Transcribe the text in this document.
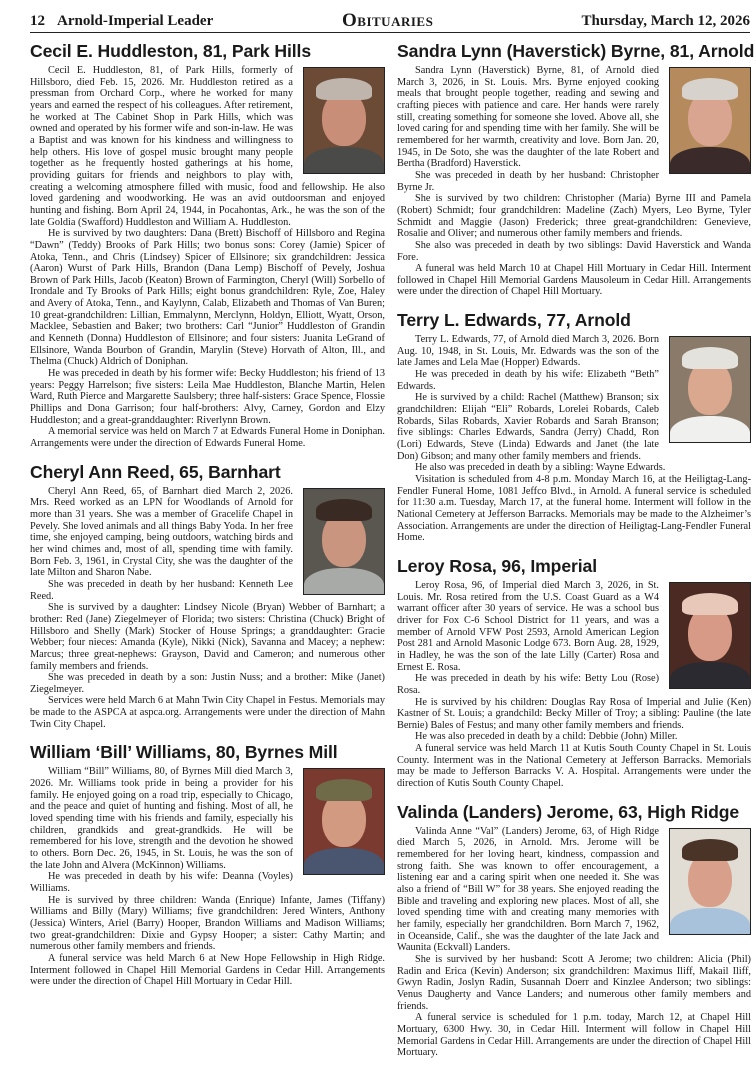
12 Arnold-Imperial Leader	Obituaries	Thursday, March 12, 2026
Cecil E. Huddleston, 81, Park Hills

Cecil E. Huddleston, 81, of Park Hills, formerly of Hillsboro, died Feb. 15, 2026. Mr. Huddleston retired as a pressman from Orchard Corp., where he worked for many years and earned the respect of his colleagues. After retirement, he worked at The Cabinet Shop in Park Hills, which was owned and operated by his former wife and son-in-law. He was a Baptist and was known for his kindness and willingness to help others. His love of gospel music brought many people together as he frequently hosted gatherings at his home, providing guitars for friends and neighbors to play with, creating a welcoming atmosphere filled with music, food and fellowship. He also loved gardening and woodworking. He was an avid outdoorsman and enjoyed hunting and fishing. Born April 24, 1944, in Pocahontas, Ark., he was the son of the late Goldia (Swafford) Huddleston and William A. Huddleston.

He is survived by two daughters: Dana (Brett) Bischoff of Hillsboro and Regina “Dawn” (Teddy) Brooks of Park Hills; two bonus sons: Corey (Jamie) Spicer of Atoka, Tenn., and Chris (Lindsey) Spicer of Ellsinore; six grandchildren: Jessica (Aaron) Wurst of Park Hills, Brandon (Dana Lemp) Bischoff of Pevely, Joshua Brown of Park Hills, Jacob (Keaton) Brown of Farmington, Cheryl (Will) Sorbello of Irondale and Ty Brooks of Park Hills; eight bonus grandchildren: Ryle, Zoe, Haley and Avery of Atoka, Tenn., and Kaylynn, Calab, Elizabeth and Thomas of Van Buren; 10 great-grandchildren: Lillian, Emmalynn, Merclynn, Holdyn, Elliott, Wyatt, Orson, Macklee, Sebastien and Baker; two brothers: Carl “Junior” Huddleston of Grandin and Kenneth (Donna) Huddleston of Ellsinore; and four sisters: Juanita LeGrand of Ellsinore, Wanda Bourbon of Grandin, Marylin (Steve) Horvath of Alton, Ill., and Thelma (Chuck) Aldrich of Doniphan.

He was preceded in death by his former wife: Becky Huddleston; his friend of 13 years: Peggy Harrelson; five sisters: Leila Mae Huddleston, Blanche Martin, Helen Ward, Ruth Pierce and Margarette Saulsbery; three half-sisters: Grace Spence, Flossie Phillips and Dona Garrison; four half-brothers: Alvy, Carney, Gordon and Elzy Huddleston; and a great-granddaughter: Riverlynn Brown.

A memorial service was held on March 7 at Edwards Funeral Home in Doniphan. Arrangements were under the direction of Edwards Funeral Home.

Cheryl Ann Reed, 65, Barnhart

Cheryl Ann Reed, 65, of Barnhart died March 2, 2026. Mrs. Reed worked as an LPN for Woodlands of Arnold for more than 31 years. She was a member of Gracelife Chapel in Pevely. She loved animals and all things Baby Yoda. In her free time, she enjoyed camping, being outdoors, watching birds and her wind chimes and, most of all, spending time with family. Born Feb. 3, 1961, in Crystal City, she was the daughter of the late Milton and Sharon Nabe.

She was preceded in death by her husband: Kenneth Lee Reed.

She is survived by a daughter: Lindsey Nicole (Bryan) Webber of Barnhart; a brother: Red (Jane) Ziegelmeyer of Florida; two sisters: Christina (Chuck) Bright of Hillsboro and Shelly (Mark) Stocker of House Springs; a granddaughter: Gracie Webber; four nieces: Amanda (Kyle), Nikki (Nick), Savanna and Macey; a nephew: Marcus; three great-nephews: Grayson, David and Cameron; and numerous other family members and friends.

She was preceded in death by a son: Justin Nuss; and a brother: Mike (Janet) Ziegelmeyer.

Services were held March 6 at Mahn Twin City Chapel in Festus. Memorials may be made to the ASPCA at aspca.org. Arrangements were under the direction of Mahn Twin City Chapel.

William ‘Bill’ Williams, 80, Byrnes Mill

William “Bill” Williams, 80, of Byrnes Mill died March 3, 2026. Mr. Williams took pride in being a provider for his family. He enjoyed going on a road trip, especially to Chicago, and the peace and quiet of hunting and fishing. Most of all, he loved spending time with his friends and family, especially his children, grandkids and great-grandkids. He will be remembered for his love, strength and the devotion he showed to others. Born Dec. 26, 1945, in St. Louis, he was the son of the late John and Alvera (McKinnon) Williams.

He was preceded in death by his wife: Deanna (Voyles) Williams.

He is survived by three children: Wanda (Enrique) Infante, James (Tiffany) Williams and Billy (Mary) Williams; five grandchildren: Jered Winters, Anthony (Jessica) Winters, Ariel (Barry) Hooper, Brandon Williams and Madison Williams; two great-grandchildren: Dixie and Gypsy Hooper; a sister: Cathy Martin; and numerous other family members and friends.

A funeral service was held March 6 at New Hope Fellowship in High Ridge. Interment followed in Chapel Hill Memorial Gardens in Cedar Hill. Arrangements were under the direction of Chapel Hill Mortuary in Cedar Hill.

Sandra Lynn (Haverstick) Byrne, 81, Arnold

Sandra Lynn (Haverstick) Byrne, 81, of Arnold died March 3, 2026, in St. Louis. Mrs. Byrne enjoyed cooking meals that brought people together, reading and sewing and crafting pieces with patience and care. Her hands were rarely still, creating something for someone she loved. Above all, she loved caring for and spending time with her family. She will be remembered for her warmth, creativity and love. Born Jan. 20, 1945, in De Soto, she was the daughter of the late Robert and Bertha (Bradford) Haverstick.

She was preceded in death by her husband: Christopher Byrne Jr.

She is survived by two children: Christopher (Maria) Byrne III and Pamela (Robert) Schmidt; four grandchildren: Madeline (Zach) Myers, Leo Byrne, Tyler Schmidt and Maggie (Jason) Frederick; three great-grandchildren: Genevieve, Rosalie and Oliver; and numerous other family members and friends.

She also was preceded in death by two siblings: David Haverstick and Wanda Fore.

A funeral was held March 10 at Chapel Hill Mortuary in Cedar Hill. Interment followed in Chapel Hill Memorial Gardens Mausoleum in Cedar Hill. Arrangements were under the direction of Chapel Hill Mortuary.

Terry L. Edwards, 77, Arnold

Terry L. Edwards, 77, of Arnold died March 3, 2026. Born Aug. 10, 1948, in St. Louis, Mr. Edwards was the son of the late James and Lela Mae (Hopper) Edwards.

He was preceded in death by his wife: Elizabeth “Beth” Edwards.

He is survived by a child: Rachel (Matthew) Branson; six grandchildren: Elijah “Eli” Robards, Lorelei Robards, Caleb Robards, Silas Robards, Xavier Robards and Sarah Branson; five siblings: Charles Edwards, Sandra (Jerry) Chadd, Ron (Lori) Edwards, Steve (Linda) Edwards and Janet (the late Don) Gibson; and many other family members and friends.

He also was preceded in death by a sibling: Wayne Edwards.

Visitation is scheduled from 4-8 p.m. Monday March 16, at the Heiligtag-Lang-Fendler Funeral Home, 1081 Jeffco Blvd., in Arnold. A funeral service is scheduled for 11:30 a.m. Tuesday, March 17, at the funeral home. Interment will follow in the National Cemetery at Jefferson Barracks. Memorials may be made to the Alzheimer’s Association. Arrangements are under the direction of Heiligtag-Lang-Fendler Funeral Home.

Leroy Rosa, 96, Imperial

Leroy Rosa, 96, of Imperial died March 3, 2026, in St. Louis. Mr. Rosa retired from the U.S. Coast Guard as a W4 warrant officer after 30 years of service. He was a school bus driver for Fox C-6 School District for 11 years, and was a member of Arnold VFW Post 2593, Arnold American Legion Post 281 and Arnold Masonic Lodge 673. Born Aug. 28, 1929, in Hadley, he was the son of the late Lilly (Carter) Rosa and Ernest E. Rosa.

He was preceded in death by his wife: Betty Lou (Rose) Rosa.

He is survived by his children: Douglas Ray Rosa of Imperial and Julie (Ken) Kastner of St. Louis; a grandchild: Becky Miller of Troy; a sibling: Pauline (the late Bernie) Bales of Festus; and many other family members and friends.

He was also preceded in death by a child: Debbie (John) Miller.

A funeral service was held March 11 at Kutis South County Chapel in St. Louis County. Interment was in the National Cemetery at Jefferson Barracks. Memorials may be made to Jefferson Barracks V. A. Hospital. Arrangements were under the direction of Kutis South County Chapel.

Valinda (Landers) Jerome, 63, High Ridge

Valinda Anne “Val” (Landers) Jerome, 63, of High Ridge died March 5, 2026, in Arnold. Mrs. Jerome will be remembered for her loving heart, kindness, compassion and strong faith. She was known to offer encouragement, a listening ear and a caring spirit when one needed it. She was also a friend of “Bill W” for 38 years. She enjoyed reading the Bible and traveling and exploring new places. Most of all, she loved spending time with and creating many memories with her family, especially her grandchildren. Born March 7, 1962, in Oceanside, Calif., she was the daughter of the late Jack and Waunita (Eckvall) Landers.

She is survived by her husband: Scott A Jerome; two children: Alicia (Phil) Radin and Erica (Kevin) Anderson; six grandchildren: Maximus Iliff, Makail Iliff, Gwyn Radin, Joslyn Radin, Susannah Doerr and Kinzlee Anderson; two siblings: Venus Daugherty and Vance Landers; and numerous other family members and friends.

A funeral service is scheduled for 1 p.m. today, March 12, at Chapel Hill Mortuary, 6300 Hwy. 30, in Cedar Hill. Interment will follow in Chapel Hill Memorial Gardens in Cedar Hill. Arrangements are under the direction of Chapel Hill Mortuary.
